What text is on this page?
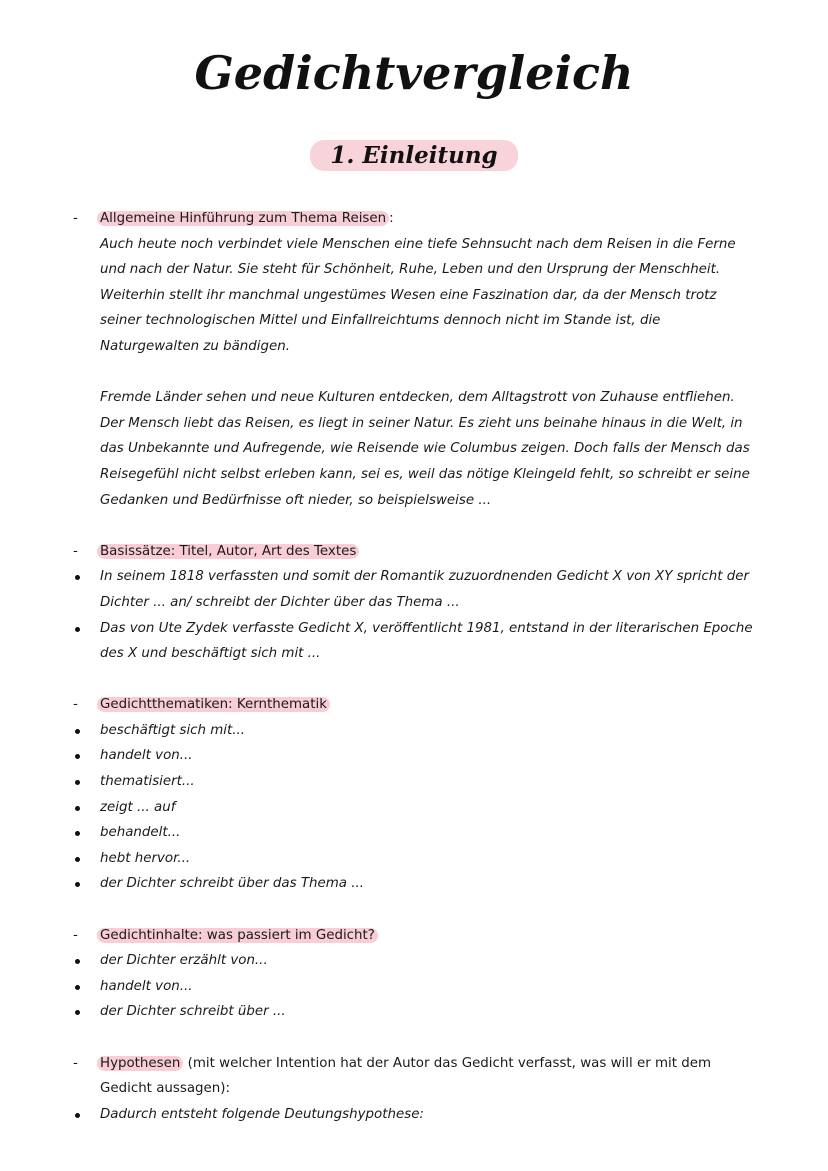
Gedichtvergleich
1. Einleitung
-	Allgemeine Hinführung zum Thema Reisen :
Auch heute noch verbindet viele Menschen eine tiefe Sehnsucht nach dem Reisen in die Ferne
und nach der Natur. Sie steht für Schönheit, Ruhe, Leben und den Ursprung der Menschheit.
Weiterhin stellt ihr manchmal ungestümes Wesen eine Faszination dar, da der Mensch trotz
seiner technologischen Mittel und Einfallreichtums dennoch nicht im Stande ist, die
Naturgewalten zu bändigen.
Fremde Länder sehen und neue Kulturen entdecken, dem Alltagstrott von Zuhause entfliehen.
Der Mensch liebt das Reisen, es liegt in seiner Natur. Es zieht uns beinahe hinaus in die Welt, in
das Unbekannte und Aufregende, wie Reisende wie Columbus zeigen. Doch falls der Mensch das
Reisegefühl nicht selbst erleben kann, sei es, weil das nötige Kleingeld fehlt, so schreibt er seine
Gedanken und Bedürfnisse oft nieder, so beispielsweise ...
-	Basissätze: Titel, Autor, Art des Textes
In seinem 1818 verfassten und somit der Romantik zuzuordnenden Gedicht X von XY spricht der
Dichter ... an/ schreibt der Dichter über das Thema ...
Das von Ute Zydek verfasste Gedicht X, veröffentlicht 1981, entstand in der literarischen Epoche
des X und beschäftigt sich mit ...
-	Gedichtthematiken: Kernthematik
beschäftigt sich mit...
handelt von...
thematisiert...
zeigt ... auf
behandelt...
hebt hervor...
der Dichter schreibt über das Thema ...
-	Gedichtinhalte: was passiert im Gedicht?
der Dichter erzählt von...
handelt von...
der Dichter schreibt über ...
-	Hypothesen (mit welcher Intention hat der Autor das Gedicht verfasst, was will er mit dem
Gedicht aussagen):
Dadurch entsteht folgende Deutungshypothese:
